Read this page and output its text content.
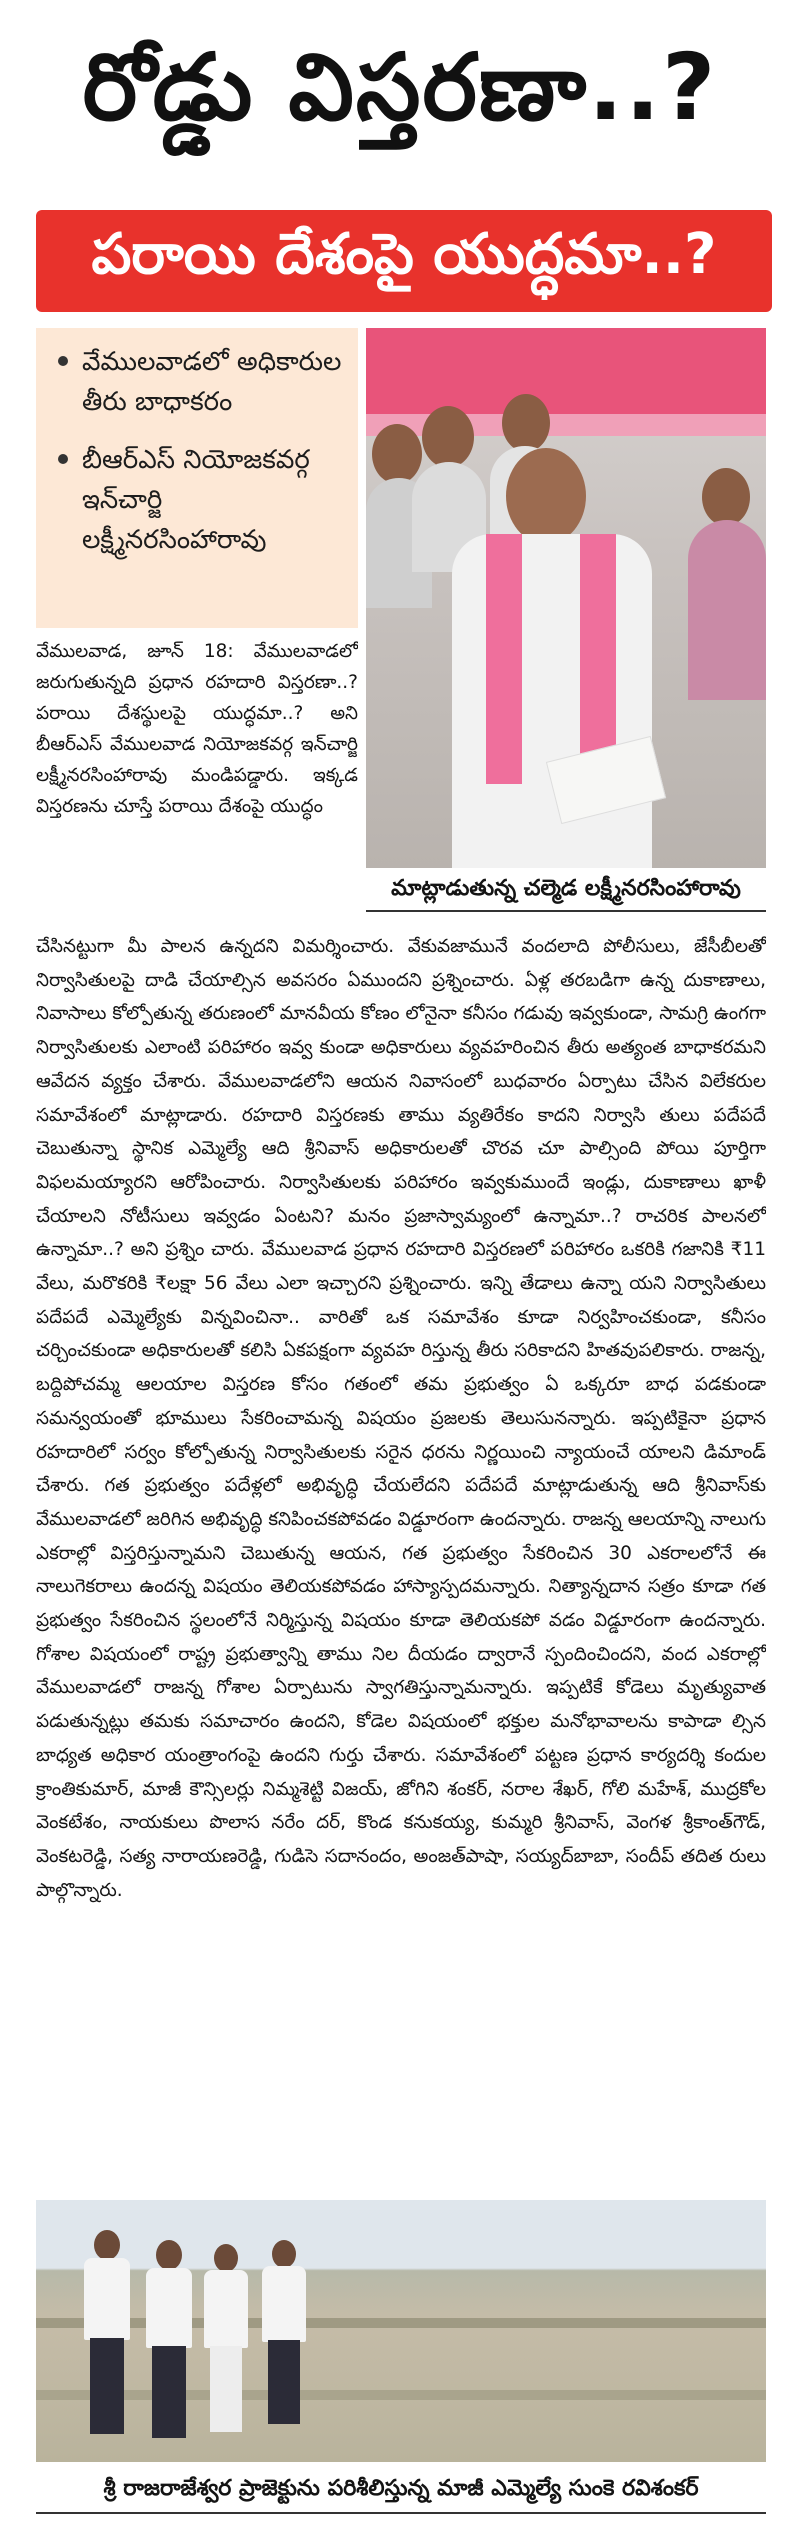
రోడ్డు విస్తరణా..?
పరాయి దేశంపై యుద్ధమా..?
వేములవాడలో అధికారుల తీరు బాధాకరం
బీఆర్ఎస్ నియోజకవర్గ ఇన్‌చార్జి లక్ష్మీనరసింహారావు
మాట్లాడుతున్న చల్మెడ లక్ష్మీనరసింహారావు
వేములవాడ, జూన్ 18: వేములవాడలో జరుగుతున్నది ప్రధాన రహదారి విస్తరణా..? పరాయి దేశస్థులపై యుద్ధమా..? అని బీఆర్ఎస్ వేములవాడ నియోజకవర్గ ఇన్‌చార్జి లక్ష్మీనరసింహారావు మండిపడ్డారు. ఇక్కడ విస్తరణను చూస్తే పరాయి దేశంపై యుద్ధం
చేసినట్టుగా మీ పాలన ఉన్నదని విమర్శించారు. వేకువజామునే వందలాది పోలీసులు, జేసీబీలతో నిర్వాసితులపై దాడి చేయాల్సిన అవసరం ఏముందని ప్రశ్నించారు. ఏళ్ల తరబడిగా ఉన్న దుకాణాలు, నివాసాలు కోల్పోతున్న తరుణంలో మానవీయ కోణం లోనైనా కనీసం గడువు ఇవ్వకుండా, సామగ్రి ఉంగగా నిర్వాసితులకు ఎలాంటి పరిహారం ఇవ్వ కుండా అధికారులు వ్యవహరించిన తీరు అత్యంత బాధాకరమని ఆవేదన వ్యక్తం చేశారు. వేములవాడలోని ఆయన నివాసంలో బుధవారం ఏర్పాటు చేసిన విలేకరుల సమావేశంలో మాట్లాడారు. రహదారి విస్తరణకు తాము వ్యతిరేకం కాదని నిర్వాసి తులు పదేపదే చెబుతున్నా స్థానిక ఎమ్మెల్యే ఆది శ్రీనివాస్ అధికారులతో చొరవ చూ పాల్సింది పోయి పూర్తిగా విఫలమయ్యారని ఆరోపించారు. నిర్వాసితులకు పరిహారం ఇవ్వకుముందే ఇండ్లు, దుకాణాలు ఖాళీ చేయాలని నోటీసులు ఇవ్వడం ఏంటని? మనం ప్రజాస్వామ్యంలో ఉన్నామా..? రాచరిక పాలనలో ఉన్నామా..? అని ప్రశ్నిం చారు. వేములవాడ ప్రధాన రహదారి విస్తరణలో పరిహారం ఒకరికి గజానికి ₹11 వేలు, మరొకరికి ₹లక్షా 56 వేలు ఎలా ఇచ్చారని ప్రశ్నించారు. ఇన్ని తేడాలు ఉన్నా యని నిర్వాసితులు పదేపదే ఎమ్మెల్యేకు విన్నవించినా.. వారితో ఒక సమావేశం కూడా నిర్వహించకుండా, కనీసం చర్చించకుండా అధికారులతో కలిసి ఏకపక్షంగా వ్యవహ రిస్తున్న తీరు సరికాదని హితవుపలికారు. రాజన్న, బద్దిపోచమ్మ ఆలయాల విస్తరణ కోసం గతంలో తమ ప్రభుత్వం ఏ ఒక్కరూ బాధ పడకుండా సమన్వయంతో భూములు సేకరించామన్న విషయం ప్రజలకు తెలుసునన్నారు. ఇప్పటికైనా ప్రధాన రహదారిలో సర్వం కోల్పోతున్న నిర్వాసితులకు సరైన ధరను నిర్ణయించి న్యాయంచే యాలని డిమాండ్ చేశారు. గత ప్రభుత్వం పదేళ్లలో అభివృద్ధి చేయలేదని పదేపదే మాట్లాడుతున్న ఆది శ్రీనివాస్‌కు వేములవాడలో జరిగిన అభివృద్ధి కనిపించకపోవడం విడ్డూరంగా ఉందన్నారు. రాజన్న ఆలయాన్ని నాలుగు ఎకరాల్లో విస్తరిస్తున్నామని చెబుతున్న ఆయన, గత ప్రభుత్వం సేకరించిన 30 ఎకరాలలోనే ఈ నాలుగెకరాలు ఉందన్న విషయం తెలియకపోవడం హాస్యాస్పదమన్నారు. నిత్యాన్నదాన సత్రం కూడా గత ప్రభుత్వం సేకరించిన స్థలంలోనే నిర్మిస్తున్న విషయం కూడా తెలియకపో వడం విడ్డూరంగా ఉందన్నారు. గోశాల విషయంలో రాష్ట్ర ప్రభుత్వాన్ని తాము నిల దీయడం ద్వారానే స్పందించిందని, వంద ఎకరాల్లో వేములవాడలో రాజన్న గోశాల ఏర్పాటును స్వాగతిస్తున్నామన్నారు. ఇప్పటికే కోడెలు మృత్యువాత పడుతున్నట్లు తమకు సమాచారం ఉందని, కోడెల విషయంలో భక్తుల మనోభావాలను కాపాడా ల్సిన బాధ్యత అధికార యంత్రాంగంపై ఉందని గుర్తు చేశారు. సమావేశంలో పట్టణ ప్రధాన కార్యదర్శి కందుల క్రాంతికుమార్, మాజీ కౌన్సిలర్లు నిమ్మశెట్టి విజయ్, జోగిని శంకర్, నరాల శేఖర్, గోలి మహేశ్, ముద్రకోల వెంకటేశం, నాయకులు పొలాస నరేం దర్, కొండ కనుకయ్య, కుమ్మరి శ్రీనివాస్, వెంగళ శ్రీకాంత్‌గౌడ్, వెంకటరెడ్డి, సత్య నారాయణరెడ్డి, గుడిసె సదానందం, అంజత్‌పాషా, సయ్యద్‌బాబా, సందీప్ తదిత రులు పాల్గొన్నారు.
శ్రీ రాజరాజేశ్వర ప్రాజెక్టును పరిశీలిస్తున్న మాజీ ఎమ్మెల్యే సుంకె రవిశంకర్
